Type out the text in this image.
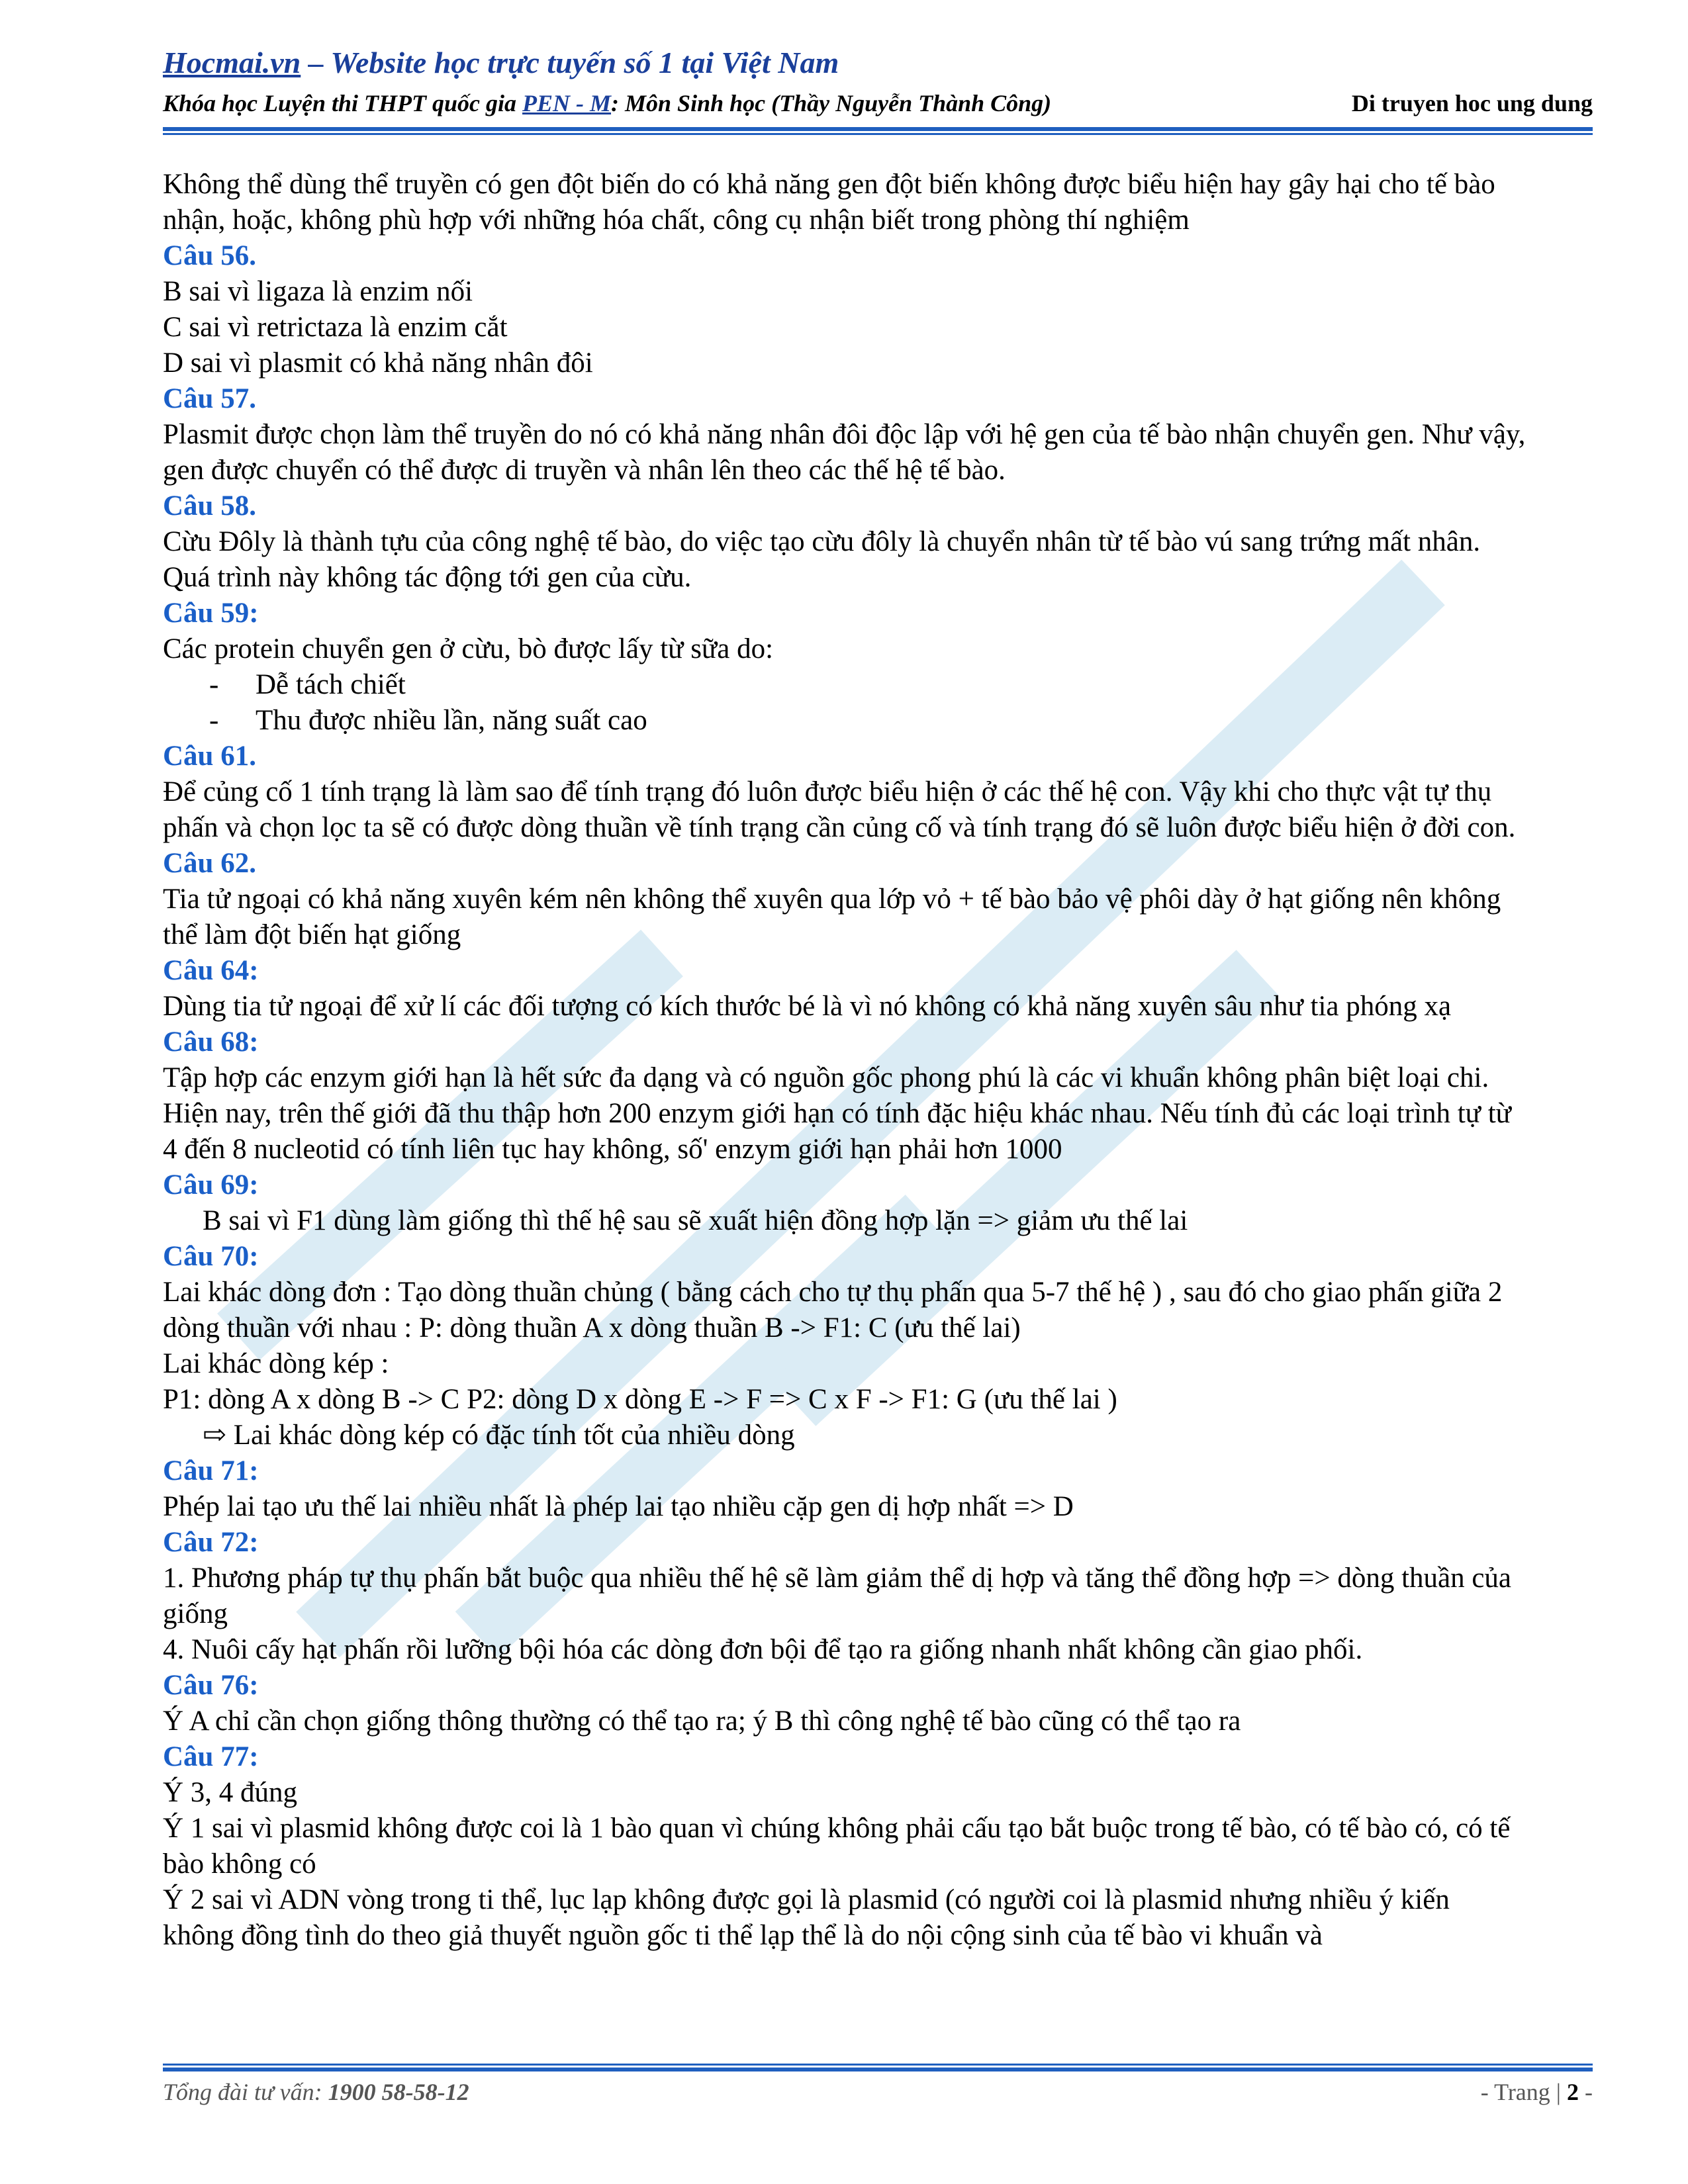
Hocmai.vn – Website học trực tuyến số 1 tại Việt Nam
Khóa học Luyện thi THPT quốc gia PEN - M: Môn Sinh học (Thầy Nguyễn Thành Công)	Di truyen hoc ung dung

Không thể dùng thể truyền có gen đột biến do có khả năng gen đột biến không được biểu hiện hay gây hại cho tế bào nhận, hoặc, không phù hợp với những hóa chất, công cụ nhận biết trong phòng thí nghiệm

Câu 56.

B sai vì ligaza là enzim nối

C sai vì retrictaza là enzim cắt

D sai vì plasmit có khả năng nhân đôi

Câu 57.

Plasmit được chọn làm thể truyền do nó có khả năng nhân đôi độc lập với hệ gen của tế bào nhận chuyển gen. Như vậy, gen được chuyển có thể được di truyền và nhân lên theo các thế hệ tế bào.

Câu 58.

Cừu Đôly là thành tựu của công nghệ tế bào, do việc tạo cừu đôly là chuyển nhân từ tế bào vú sang trứng mất nhân. Quá trình này không tác động tới gen của cừu.

Câu 59:

Các protein chuyển gen ở cừu, bò được lấy từ sữa do:

- Dễ tách chiết

- Thu được nhiều lần, năng suất cao

Câu 61.

Để củng cố 1 tính trạng là làm sao để tính trạng đó luôn được biểu hiện ở các thế hệ con. Vậy khi cho thực vật tự thụ phấn và chọn lọc ta sẽ có được dòng thuần về tính trạng cần củng cố và tính trạng đó sẽ luôn được biểu hiện ở đời con.

Câu 62.

Tia tử ngoại có khả năng xuyên kém nên không thể xuyên qua lớp vỏ + tế bào bảo vệ phôi dày ở hạt giống nên không thể làm đột biến hạt giống

Câu 64:

Dùng tia tử ngoại để xử lí các đối tượng có kích thước bé là vì nó không có khả năng xuyên sâu như tia phóng xạ

Câu 68:

Tập hợp các enzym giới hạn là hết sức đa dạng và có nguồn gốc phong phú là các vi khuẩn không phân biệt loại chi. Hiện nay, trên thế giới đã thu thập hơn 200 enzym giới hạn có tính đặc hiệu khác nhau. Nếu tính đủ các loại trình tự từ 4 đến 8 nucleotid có tính liên tục hay không, số' enzym giới hạn phải hơn 1000

Câu 69:

B sai vì F1 dùng làm giống thì thế hệ sau sẽ xuất hiện đồng hợp lặn => giảm ưu thế lai

Câu 70:

Lai khác dòng đơn : Tạo dòng thuần chủng ( bằng cách cho tự thụ phấn qua 5-7 thế hệ ) , sau đó cho giao phấn giữa 2 dòng thuần với nhau : P: dòng thuần A x dòng thuần B -> F1: C (ưu thế lai)

Lai khác dòng kép :

P1: dòng A x dòng B -> C P2: dòng D x dòng E -> F => C x F -> F1: G (ưu thế lai )

⇨ Lai khác dòng kép có đặc tính tốt của nhiều dòng

Câu 71:

Phép lai tạo ưu thế lai nhiều nhất là phép lai tạo nhiều cặp gen dị hợp nhất => D

Câu 72:

1. Phương pháp tự thụ phấn bắt buộc qua nhiều thế hệ sẽ làm giảm thể dị hợp và tăng thể đồng hợp => dòng thuần của giống

4. Nuôi cấy hạt phấn rồi lưỡng bội hóa các dòng đơn bội để tạo ra giống nhanh nhất không cần giao phối.

Câu 76:

Ý A chỉ cần chọn giống thông thường có thể tạo ra; ý B thì công nghệ tế bào cũng có thể tạo ra

Câu 77:

Ý 3, 4 đúng

Ý 1 sai vì plasmid không được coi là 1 bào quan vì chúng không phải cấu tạo bắt buộc trong tế bào, có tế bào có, có tế bào không có

Ý 2 sai vì ADN vòng trong ti thể, lục lạp không được gọi là plasmid (có người coi là plasmid nhưng nhiều ý kiến không đồng tình do theo giả thuyết nguồn gốc ti thể lạp thể là do nội cộng sinh của tế bào vi khuẩn và

Tổng đài tư vấn: 1900 58-58-12	- Trang | 2 -
